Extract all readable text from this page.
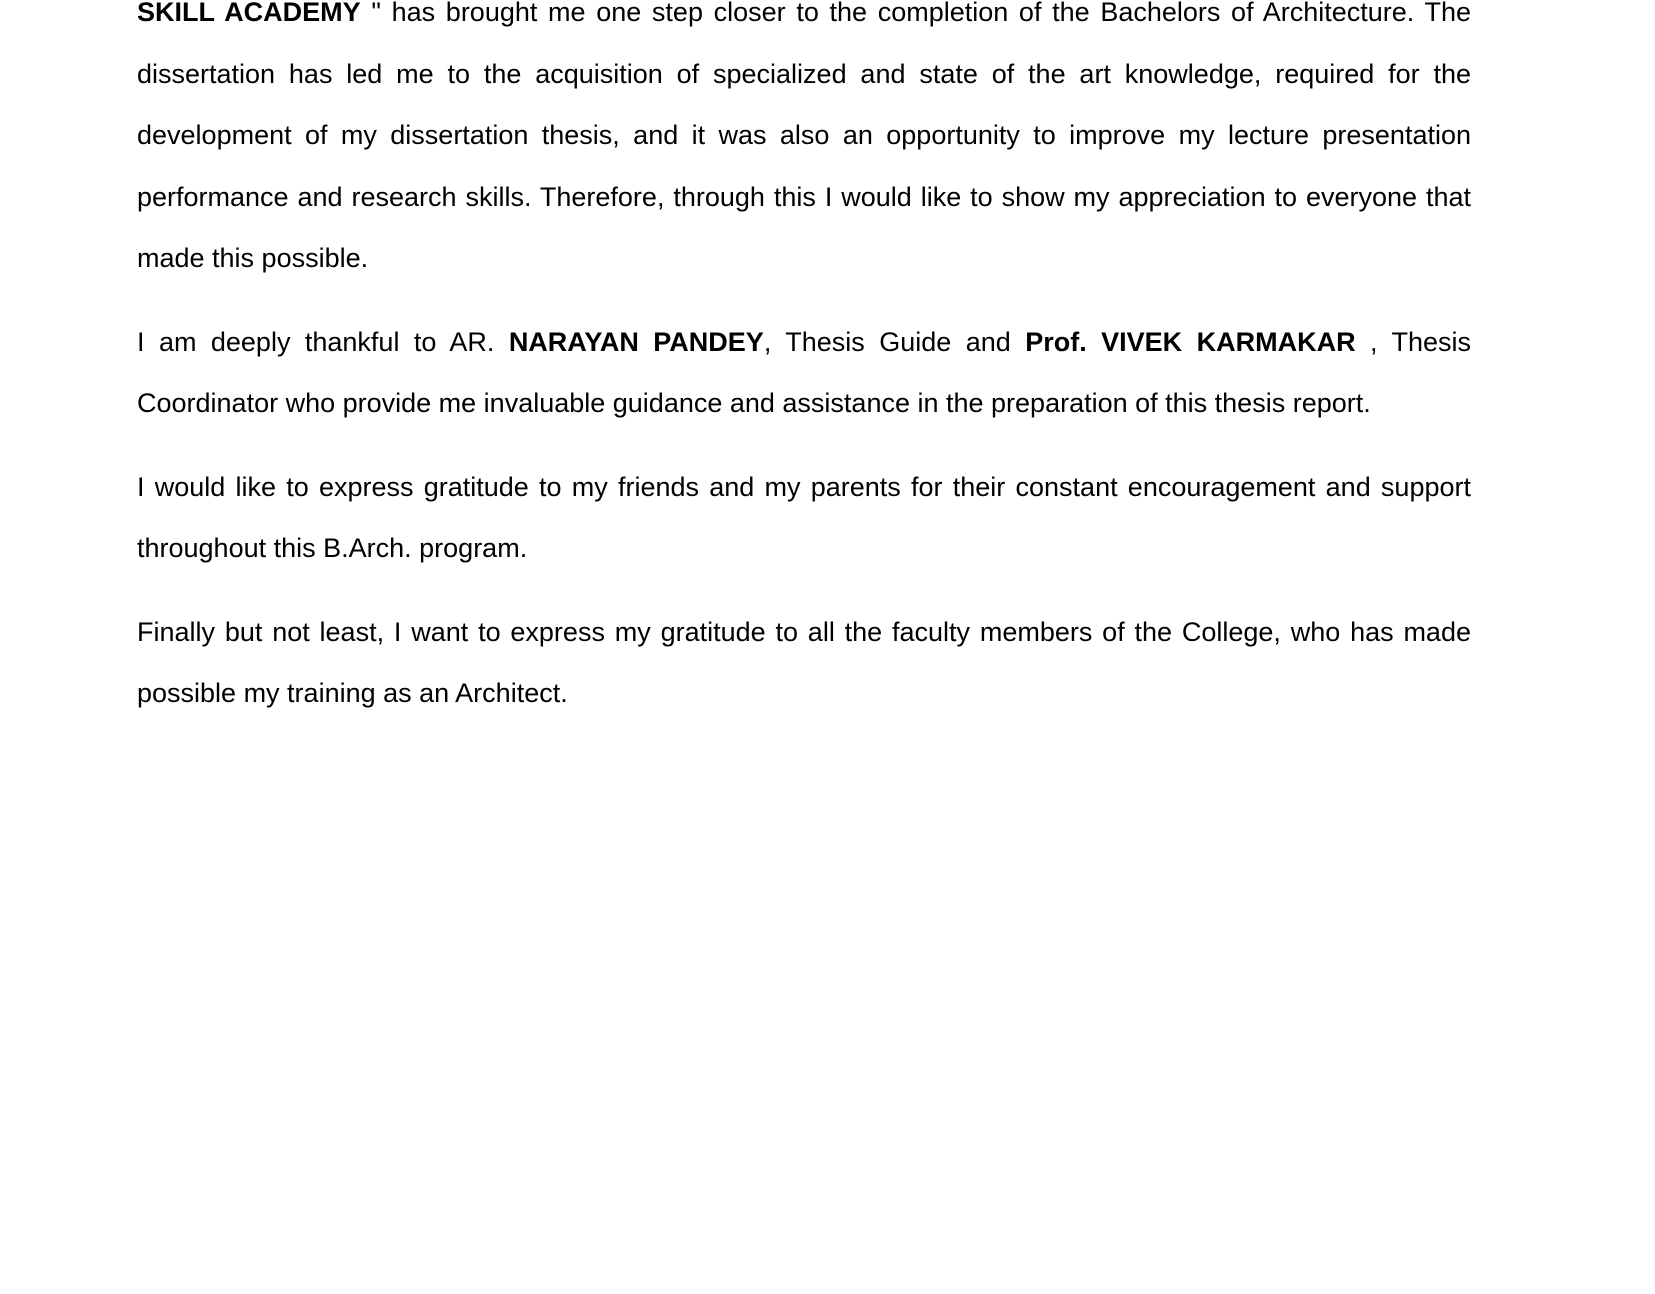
SKILL ACADEMY " has brought me one step closer to the completion of the Bachelors of Architecture. The dissertation has led me to the acquisition of specialized and state of the art knowledge, required for the development of my dissertation thesis, and it was also an opportunity to improve my lecture presentation performance and research skills. Therefore, through this I would like to show my appreciation to everyone that made this possible.

I am deeply thankful to AR. NARAYAN PANDEY, Thesis Guide and Prof. VIVEK KARMAKAR , Thesis Coordinator who provide me invaluable guidance and assistance in the preparation of this thesis report.

I would like to express gratitude to my friends and my parents for their constant encouragement and support throughout this B.Arch. program.

Finally but not least, I want to express my gratitude to all the faculty members of the College, who has made possible my training as an Architect.
